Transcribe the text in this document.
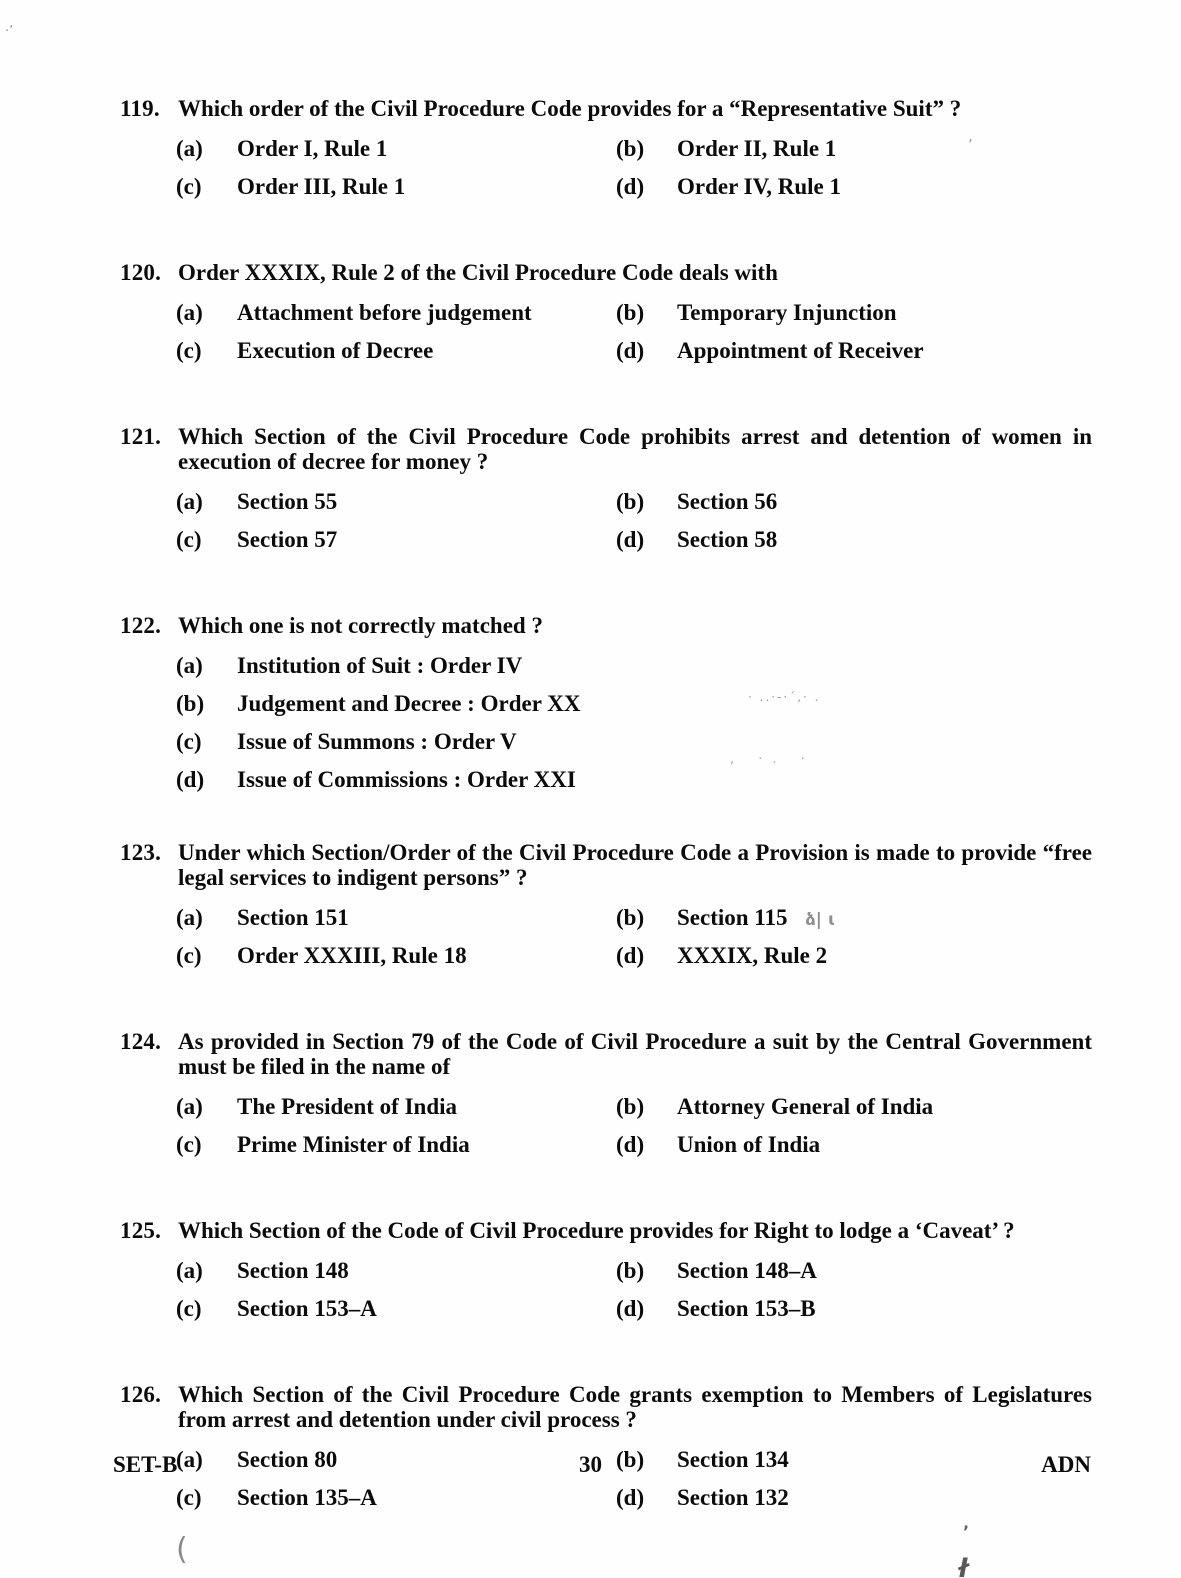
119. Which order of the Civil Procedure Code provides for a “Representative Suit” ?

(a)	Order I, Rule 1	(b)	Order II, Rule 1
(c)	Order III, Rule 1	(d)	Order IV, Rule 1
120. Order XXXIX, Rule 2 of the Civil Procedure Code deals with

(a)	Attachment before judgement	(b)	Temporary Injunction
(c)	Execution of Decree	(d)	Appointment of Receiver
121. Which Section of the Civil Procedure Code prohibits arrest and detention of women in execution of decree for money ?

(a)	Section 55	(b)	Section 56
(c)	Section 57	(d)	Section 58
122. Which one is not correctly matched ?

(a)	Institution of Suit : Order IV
(b)	Judgement and Decree : Order XX
(c)	Issue of Summons : Order V
(d)	Issue of Commissions : Order XXI
123. Under which Section/Order of the Civil Procedure Code a Provision is made to provide “free legal services to indigent persons” ?

(a)	Section 151	(b)	Section 115 ձ| ɩ
(c)	Order XXXIII, Rule 18	(d)	XXXIX, Rule 2
124. As provided in Section 79 of the Code of Civil Procedure a suit by the Central Government must be filed in the name of

(a)	The President of India	(b)	Attorney General of India
(c)	Prime Minister of India	(d)	Union of India
125. Which Section of the Code of Civil Procedure provides for Right to lodge a ‘Caveat’ ?

(a)	Section 148	(b)	Section 148–A
(c)	Section 153–A	(d)	Section 153–B
126. Which Section of the Civil Procedure Code grants exemption to Members of Legislatures from arrest and detention under civil process ?

(a)	Section 80	(b)	Section 134
(c)	Section 135–A	(d)	Section 132
SET-B	30	ADN
·’
’
· ..·-·΄,· .
, ·. ·
(
’
ł
